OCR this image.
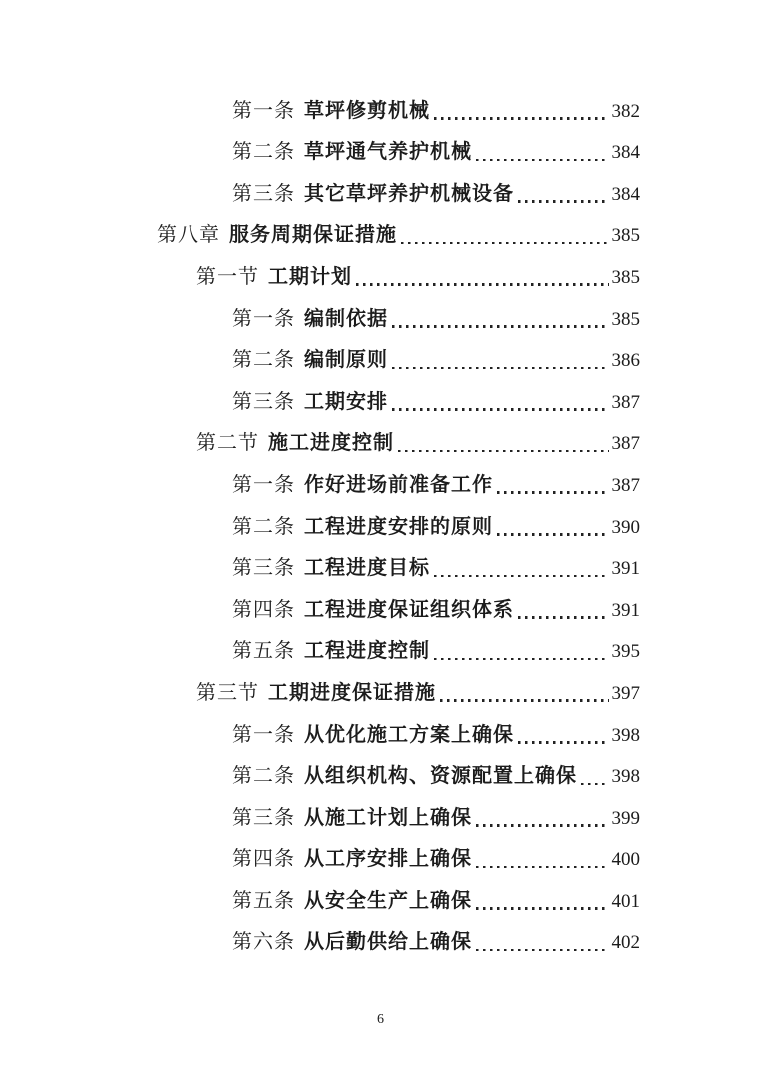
第一条 草坪修剪机械	382
第二条 草坪通气养护机械	384
第三条 其它草坪养护机械设备	384
第八章 服务周期保证措施	385
第一节 工期计划	385
第一条 编制依据	385
第二条 编制原则	386
第三条 工期安排	387
第二节 施工进度控制	387
第一条 作好进场前准备工作	387
第二条 工程进度安排的原则	390
第三条 工程进度目标	391
第四条 工程进度保证组织体系	391
第五条 工程进度控制	395
第三节 工期进度保证措施	397
第一条 从优化施工方案上确保	398
第二条 从组织机构、资源配置上确保 398
第三条 从施工计划上确保	399
第四条 从工序安排上确保	400
第五条 从安全生产上确保	401
第六条 从后勤供给上确保	402
6
